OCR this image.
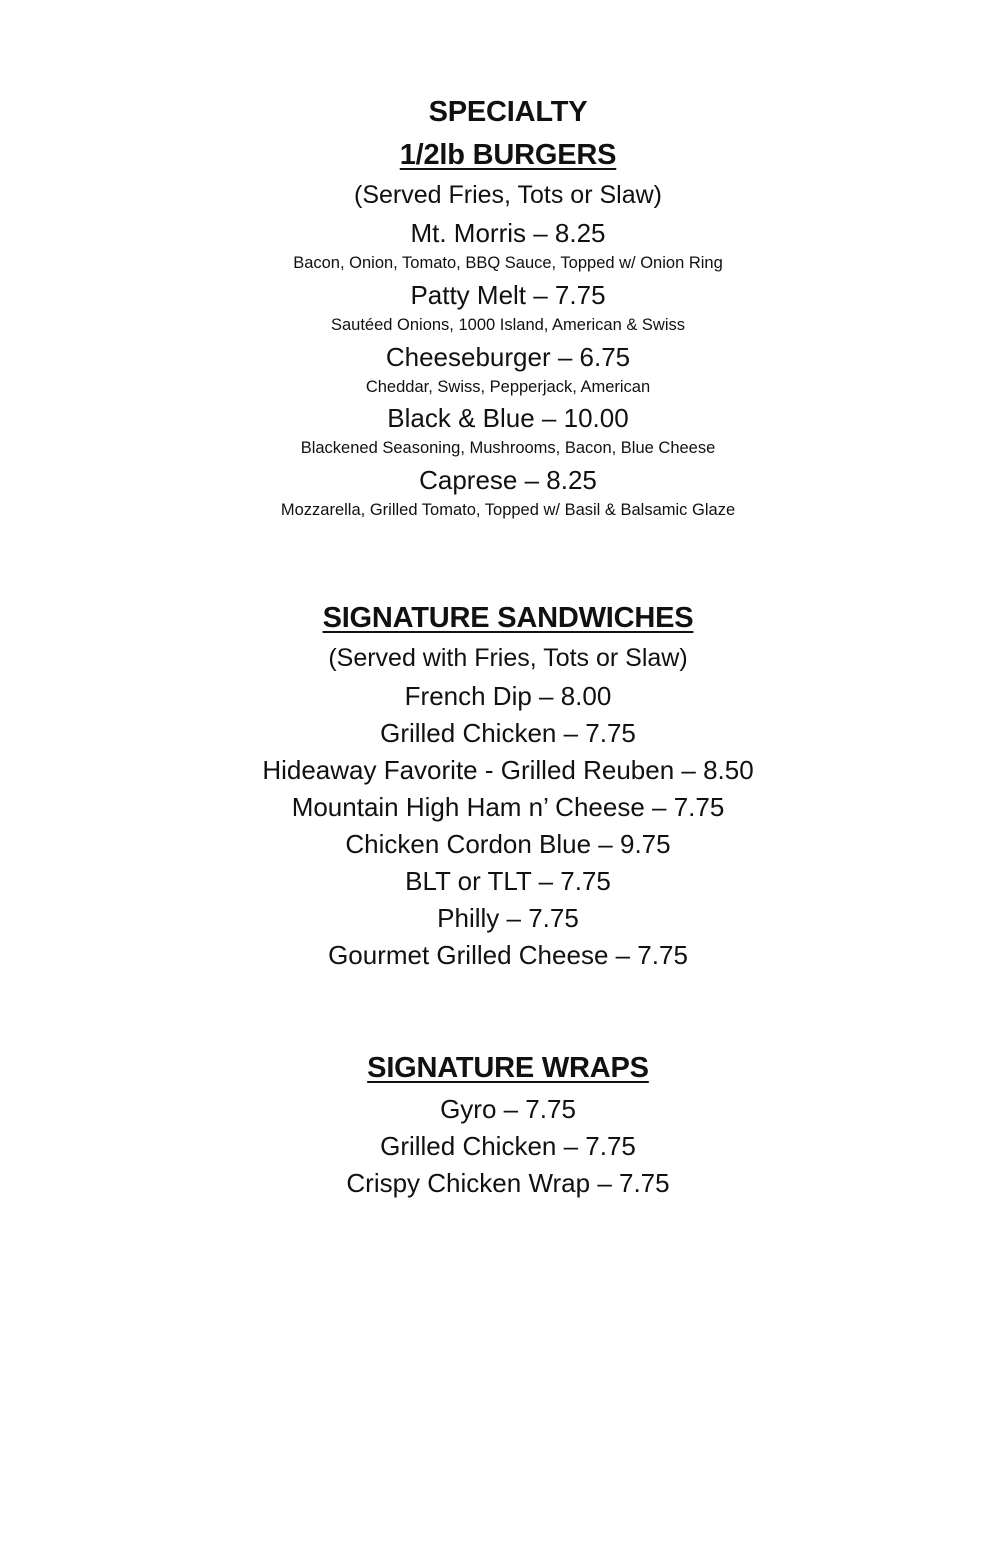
SPECIALTY
1/2lb BURGERS
(Served Fries, Tots or Slaw)
Mt. Morris – 8.25
Bacon, Onion, Tomato, BBQ Sauce, Topped w/ Onion Ring
Patty Melt – 7.75
Sautéed Onions, 1000 Island, American & Swiss
Cheeseburger – 6.75
Cheddar, Swiss, Pepperjack, American
Black & Blue – 10.00
Blackened Seasoning, Mushrooms, Bacon, Blue Cheese
Caprese – 8.25
Mozzarella, Grilled Tomato, Topped w/ Basil & Balsamic Glaze
SIGNATURE SANDWICHES
(Served with Fries, Tots or Slaw)
French Dip – 8.00
Grilled Chicken – 7.75
Hideaway Favorite - Grilled Reuben – 8.50
Mountain High Ham n’ Cheese – 7.75
Chicken Cordon Blue – 9.75
BLT or TLT – 7.75
Philly – 7.75
Gourmet Grilled Cheese – 7.75
SIGNATURE WRAPS
Gyro – 7.75
Grilled Chicken – 7.75
Crispy Chicken Wrap – 7.75
